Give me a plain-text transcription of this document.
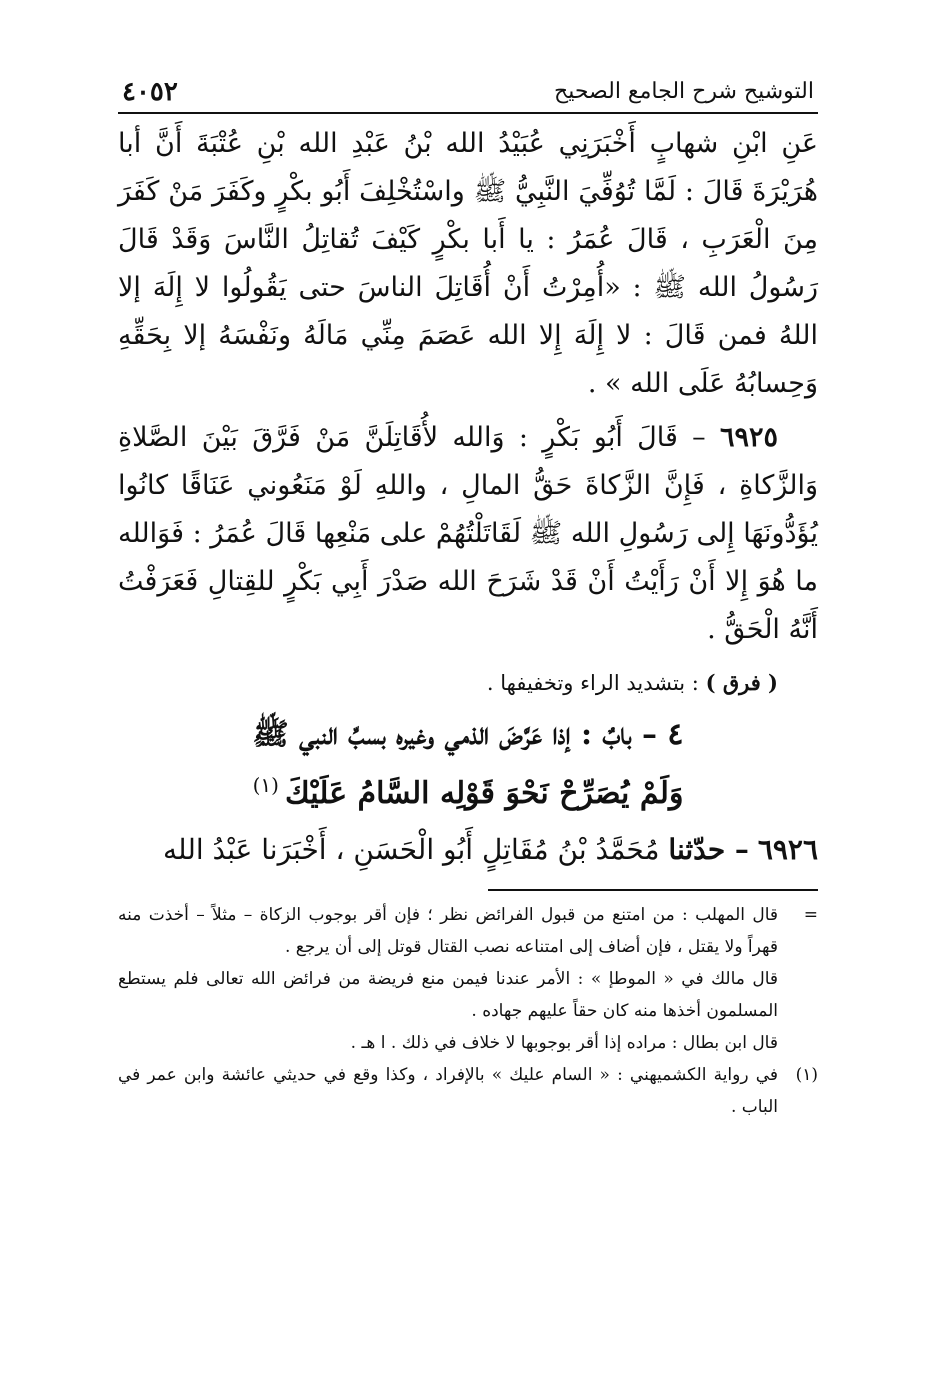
التوشيح شرح الجامع الصحيح
٤٠٥٢

عَنِ ابْنِ شهابٍ أَخْبَرَنِي عُبَيْدُ الله بْنُ عَبْدِ الله بْنِ عُتْبَةَ أَنَّ أبا هُرَيْرَةَ قَالَ : لَمَّا تُوُفِّيَ النَّبِيُّ ﷺ واسْتُخْلِفَ أَبُو بكْرٍ وكَفَرَ مَنْ كَفَرَ مِنَ الْعَرَبِ ، قَالَ عُمَرُ : يا أَبا بكْرٍ كَيْفَ تُقاتِلُ النَّاسَ وَقَدْ قَالَ رَسُولُ الله ﷺ : «أُمِرْتُ أَنْ أُقَاتِلَ الناسَ حتى يَقُولُوا لا إِلَهَ إلا اللهُ فمن قَالَ : لا إِلَهَ إِلا الله عَصَمَ مِنِّي مَالَهُ ونَفْسَهُ إلا بِحَقِّهِ وَحِسابُهُ عَلَى الله » .

٦٩٢٥ – قَالَ أَبُو بَكْرٍ : وَالله لأُقَاتِلَنَّ مَنْ فَرَّقَ بَيْنَ الصَّلاةِ وَالزَّكاةِ ، فَإِنَّ الزَّكاةَ حَقُّ المالِ ، واللهِ لَوْ مَنَعُوني عَنَاقًا كانُوا يُؤَدُّونَهَا إِلى رَسُولِ الله ﷺ لَقَاتَلْتُهُمْ على مَنْعِها قَالَ عُمَرُ : فَوَالله ما هُوَ إِلا أَنْ رَأَيْتُ أَنْ قَدْ شَرَحَ الله صَدْرَ أَبِي بَكْرٍ للقِتالِ فَعَرَفْتُ أَنَّهُ الْحَقُّ .

( فرق ) : بتشديد الراء وتخفيفها .

٤ – بابٌ : إذا عَرَّضَ الذمي وغيره بسبِّ النبي ﷺ
وَلَمْ يُصَرِّحْ نَحْوَ قَوْلِه السَّامُ عَلَيْكَ$^{(١)}$

٦٩٢٦ – حدّثنا مُحَمَّدُ بْنُ مُقَاتِلٍ أَبُو الْحَسَنِ ، أَخْبَرَنا عَبْدُ الله

=
قال المهلب : من امتنع من قبول الفرائض نظر ؛ فإن أقر بوجوب الزكاة – مثلاً – أخذت منه قهراً ولا يقتل ، فإن أضاف إلى امتناعه نصب القتال قوتل إلى أن يرجع .
قال مالك في « الموطإ » : الأمر عندنا فيمن منع فريضة من فرائض الله تعالى فلم يستطع المسلمون أخذها منه كان حقاً عليهم جهاده .
قال ابن بطال : مراده إذا أقر بوجوبها لا خلاف في ذلك . ا هـ .
(١)
في رواية الكشميهني : « السام عليك » بالإفراد ، وكذا وقع في حديثي عائشة وابن عمر في الباب .
